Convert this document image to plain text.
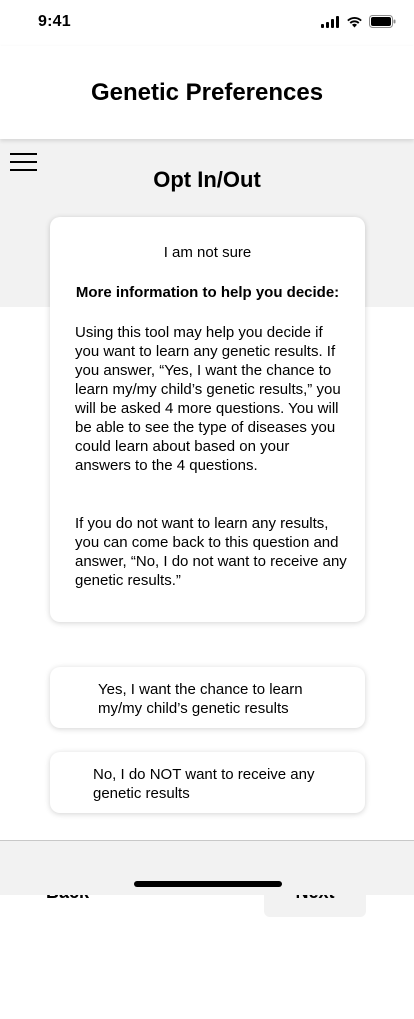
9:41
Genetic Preferences
Opt In/Out
I am not sure
More information to help you decide:
Using this tool may help you decide if you want to learn any genetic results. If you answer, “Yes, I want the chance to learn my/my child’s genetic results,” you will be asked 4 more questions. You will be able to see the type of diseases you could learn about based on your answers to the 4 questions.
If you do not want to learn any results, you can come back to this question and answer, “No, I do not want to receive any genetic results.”
Yes, I want the chance to learn my/my child’s genetic results
No, I do NOT want to receive any genetic results
